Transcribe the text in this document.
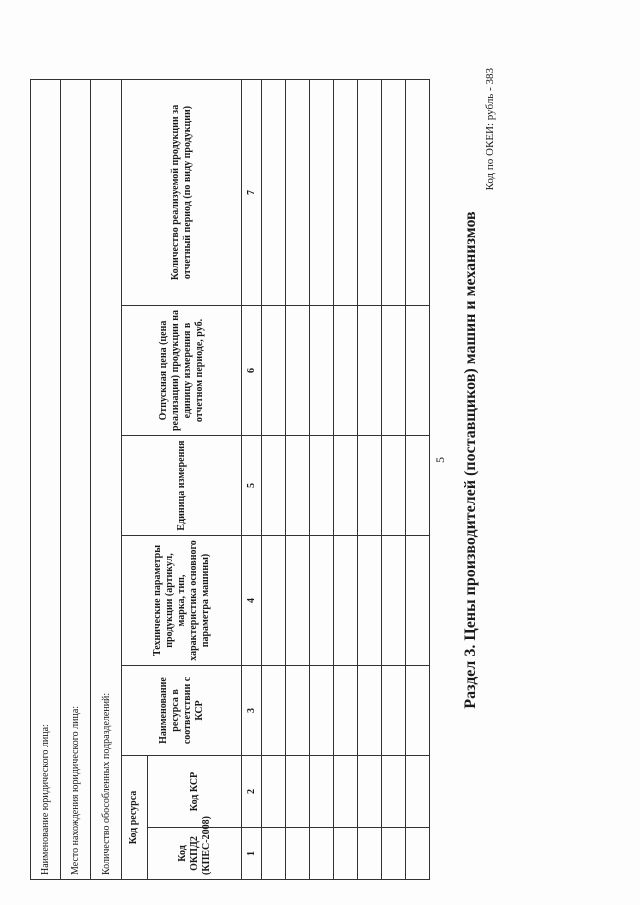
Наименование юридического лица:						
Место нахождения юридического лица:						
Количество обособленных подразделений:						
Код ресурса		Наименование ресурса в соответствии с КСР	Технические параметры продукции (артикул, марка, тип, характеристика основного параметра машины)	Единица измерения	Отпускная цена (цена реализации) продукции на единицу измерения в отчетном периоде, руб.	Количество реализуемой продукции за отчетный период (по виду продукции)
Код ОКПД2 (КПЕС-2008)	Код КСР					
1	2	3	4	5	6	7

5 Раздел 3. Цены производителей (поставщиков) машин и механизмов
Код по ОКЕИ: рубль - 383
